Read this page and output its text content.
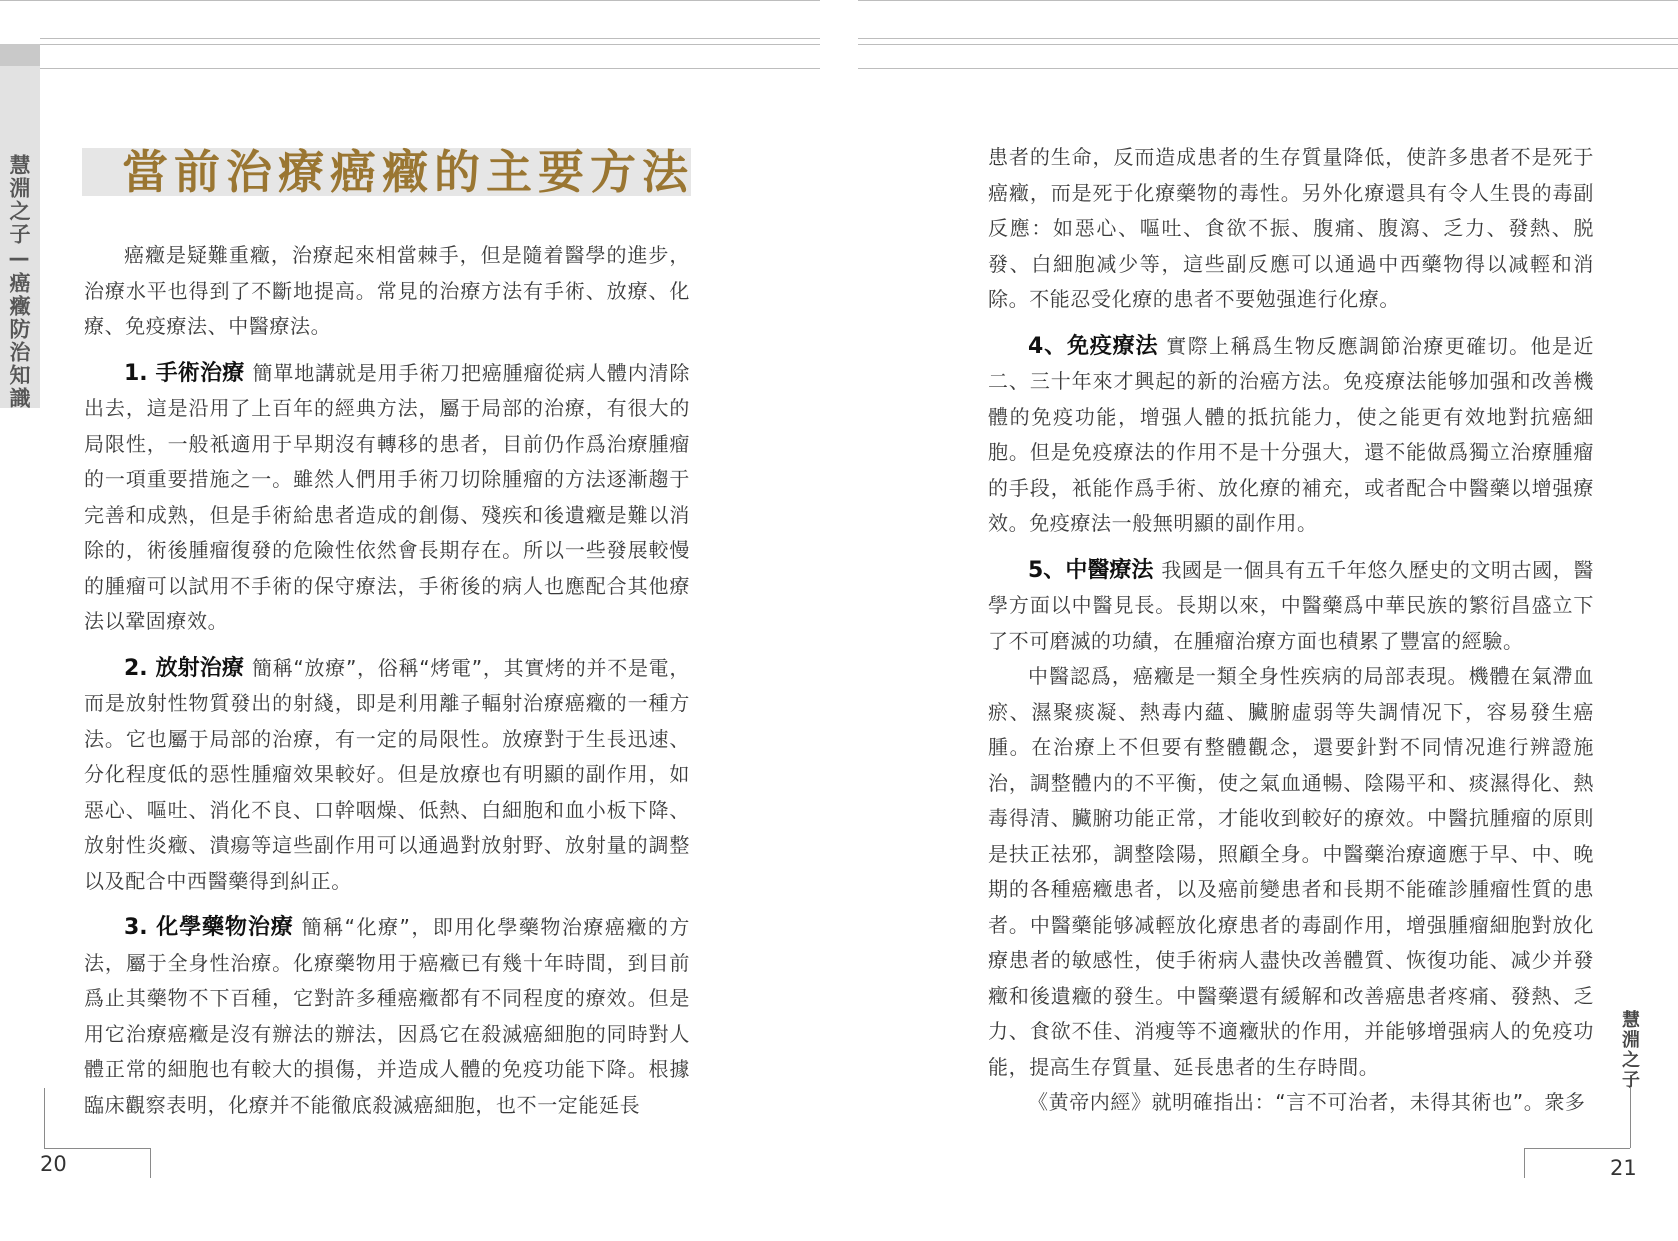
慧淵之子—癌癥防治知識 當前治療癌癥的主要方法

癌癥是疑難重癥，治療起來相當棘手，但是隨着醫學的進步，治療水平也得到了不斷地提高。常見的治療方法有手術、放療、化療、免疫療法、中醫療法。

1. 手術治療 簡單地講就是用手術刀把癌腫瘤從病人體内清除出去，這是沿用了上百年的經典方法，屬于局部的治療，有很大的局限性，一般衹適用于早期沒有轉移的患者，目前仍作爲治療腫瘤的一項重要措施之一。雖然人們用手術刀切除腫瘤的方法逐漸趨于完善和成熟，但是手術給患者造成的創傷、殘疾和後遺癥是難以消除的，術後腫瘤復發的危險性依然會長期存在。所以一些發展較慢的腫瘤可以試用不手術的保守療法，手術後的病人也應配合其他療法以鞏固療效。

2. 放射治療 簡稱“放療”，俗稱“烤電”，其實烤的并不是電，而是放射性物質發出的射綫，即是利用離子輻射治療癌癥的一種方法。它也屬于局部的治療，有一定的局限性。放療對于生長迅速、分化程度低的惡性腫瘤效果較好。但是放療也有明顯的副作用，如惡心、嘔吐、消化不良、口幹咽燥、低熱、白細胞和血小板下降、放射性炎癥、潰瘍等這些副作用可以通過對放射野、放射量的調整以及配合中西醫藥得到糾正。

3. 化學藥物治療 簡稱“化療”，即用化學藥物治療癌癥的方法，屬于全身性治療。化療藥物用于癌癥已有幾十年時間，到目前爲止其藥物不下百種，它對許多種癌癥都有不同程度的療效。但是用它治療癌癥是沒有辦法的辦法，因爲它在殺滅癌細胞的同時對人體正常的細胞也有較大的損傷，并造成人體的免疫功能下降。根據臨床觀察表明，化療并不能徹底殺滅癌細胞，也不一定能延長

患者的生命，反而造成患者的生存質量降低，使許多患者不是死于癌癥，而是死于化療藥物的毒性。另外化療還具有令人生畏的毒副反應：如惡心、嘔吐、食欲不振、腹痛、腹瀉、乏力、發熱、脱發、白細胞减少等，這些副反應可以通過中西藥物得以减輕和消除。不能忍受化療的患者不要勉强進行化療。

4、免疫療法 實際上稱爲生物反應調節治療更確切。他是近二、三十年來才興起的新的治癌方法。免疫療法能够加强和改善機體的免疫功能，增强人體的抵抗能力，使之能更有效地對抗癌細胞。但是免疫療法的作用不是十分强大，還不能做爲獨立治療腫瘤的手段，衹能作爲手術、放化療的補充，或者配合中醫藥以增强療效。免疫療法一般無明顯的副作用。

5、中醫療法 我國是一個具有五千年悠久歷史的文明古國，醫學方面以中醫見長。長期以來，中醫藥爲中華民族的繁衍昌盛立下了不可磨滅的功績，在腫瘤治療方面也積累了豐富的經驗。

中醫認爲，癌癥是一類全身性疾病的局部表現。機體在氣滯血瘀、濕聚痰凝、熱毒内蘊、臟腑虛弱等失調情况下，容易發生癌腫。在治療上不但要有整體觀念，還要針對不同情况進行辨證施治，調整體内的不平衡，使之氣血通暢、陰陽平和、痰濕得化、熱毒得清、臟腑功能正常，才能收到較好的療效。中醫抗腫瘤的原則是扶正祛邪，調整陰陽，照顧全身。中醫藥治療適應于早、中、晚期的各種癌癥患者，以及癌前變患者和長期不能確診腫瘤性質的患者。中醫藥能够减輕放化療患者的毒副作用，增强腫瘤細胞對放化療患者的敏感性，使手術病人盡快改善體質、恢復功能、减少并發癥和後遺癥的發生。中醫藥還有緩解和改善癌患者疼痛、發熱、乏力、食欲不佳、消瘦等不適癥狀的作用，并能够增强病人的免疫功能，提高生存質量、延長患者的生存時間。

《黄帝内經》就明確指出：“言不可治者，未得其術也”。衆多

慧淵之子
20	21
